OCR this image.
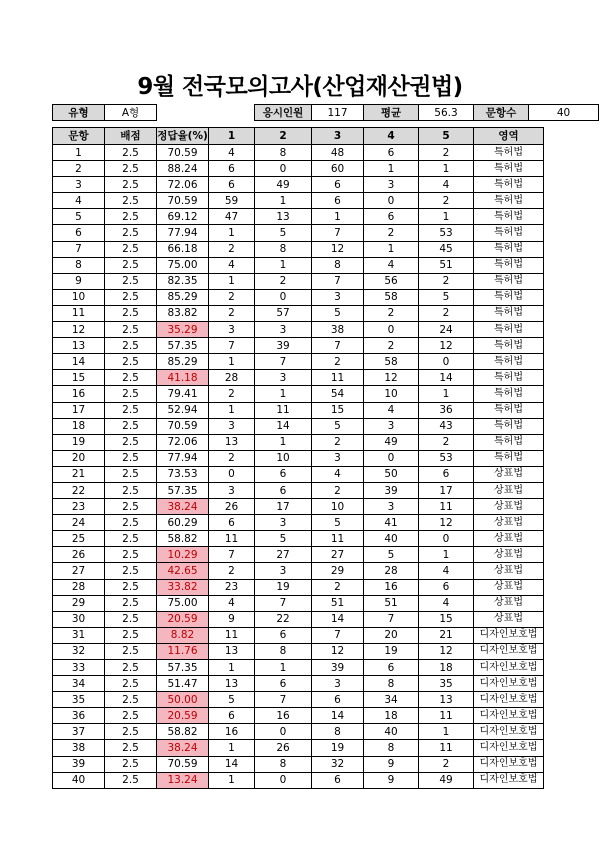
9월 전국모의고사(산업재산권법)
유형	A형		응시인원	117	평균	56.3	문항수	40
문항	배점	정답율(%)	1	2	3	4	5	영역
1	2.5	70.59	4	8	48	6	2	특허법
2	2.5	88.24	6	0	60	1	1	특허법
3	2.5	72.06	6	49	6	3	4	특허법
4	2.5	70.59	59	1	6	0	2	특허법
5	2.5	69.12	47	13	1	6	1	특허법
6	2.5	77.94	1	5	7	2	53	특허법
7	2.5	66.18	2	8	12	1	45	특허법
8	2.5	75.00	4	1	8	4	51	특허법
9	2.5	82.35	1	2	7	56	2	특허법
10	2.5	85.29	2	0	3	58	5	특허법
11	2.5	83.82	2	57	5	2	2	특허법
12	2.5	35.29	3	3	38	0	24	특허법
13	2.5	57.35	7	39	7	2	12	특허법
14	2.5	85.29	1	7	2	58	0	특허법
15	2.5	41.18	28	3	11	12	14	특허법
16	2.5	79.41	2	1	54	10	1	특허법
17	2.5	52.94	1	11	15	4	36	특허법
18	2.5	70.59	3	14	5	3	43	특허법
19	2.5	72.06	13	1	2	49	2	특허법
20	2.5	77.94	2	10	3	0	53	특허법
21	2.5	73.53	0	6	4	50	6	상표법
22	2.5	57.35	3	6	2	39	17	상표법
23	2.5	38.24	26	17	10	3	11	상표법
24	2.5	60.29	6	3	5	41	12	상표법
25	2.5	58.82	11	5	11	40	0	상표법
26	2.5	10.29	7	27	27	5	1	상표법
27	2.5	42.65	2	3	29	28	4	상표법
28	2.5	33.82	23	19	2	16	6	상표법
29	2.5	75.00	4	7	51	51	4	상표법
30	2.5	20.59	9	22	14	7	15	상표법
31	2.5	8.82	11	6	7	20	21	디자인보호법
32	2.5	11.76	13	8	12	19	12	디자인보호법
33	2.5	57.35	1	1	39	6	18	디자인보호법
34	2.5	51.47	13	6	3	8	35	디자인보호법
35	2.5	50.00	5	7	6	34	13	디자인보호법
36	2.5	20.59	6	16	14	18	11	디자인보호법
37	2.5	58.82	16	0	8	40	1	디자인보호법
38	2.5	38.24	1	26	19	8	11	디자인보호법
39	2.5	70.59	14	8	32	9	2	디자인보호법
40	2.5	13.24	1	0	6	9	49	디자인보호법
